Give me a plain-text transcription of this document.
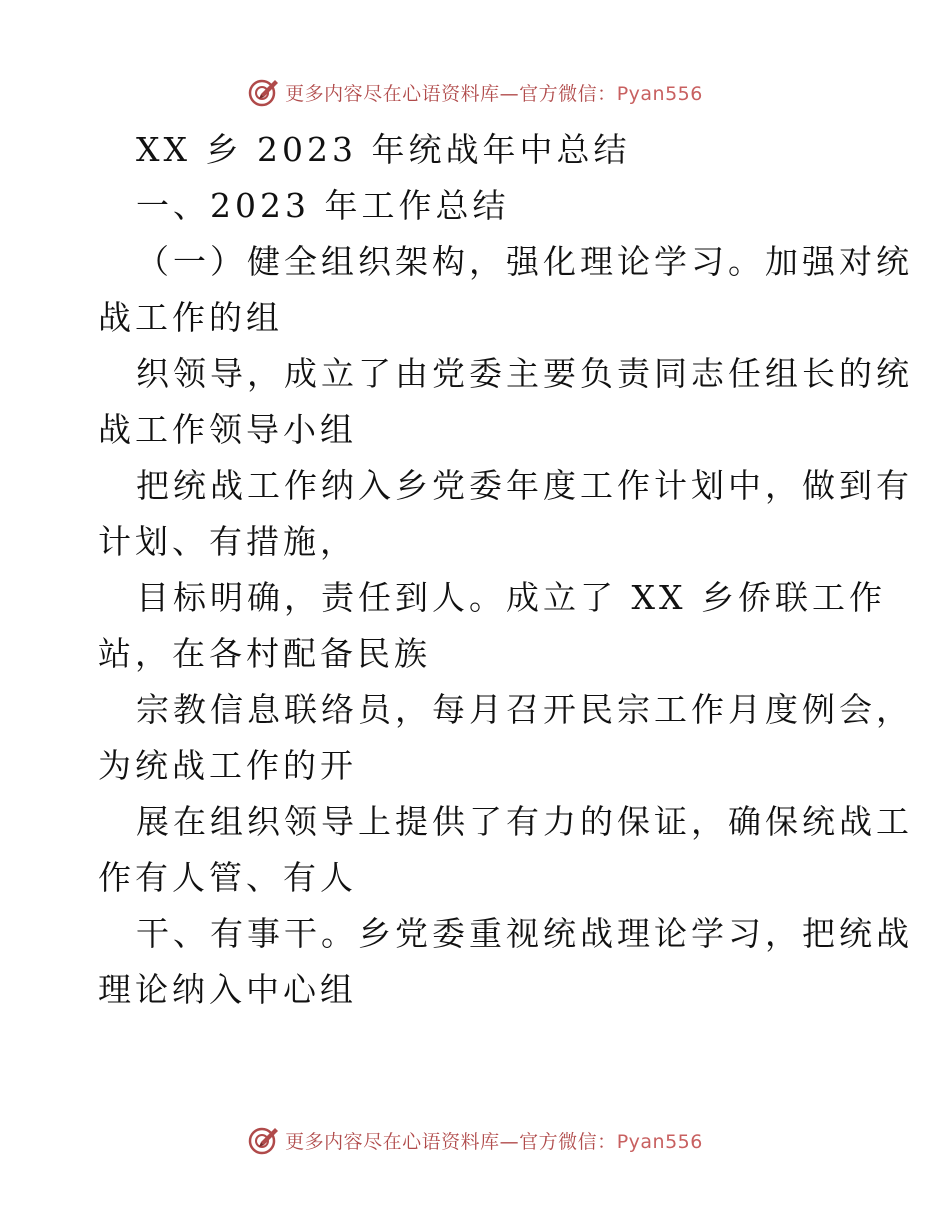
更多内容尽在心语资料库—官方微信：Pyan556
XX 乡 2023 年统战年中总结
一、2023 年工作总结
（一）健全组织架构，强化理论学习。加强对统
战工作的组
织领导，成立了由党委主要负责同志任组长的统
战工作领导小组
把统战工作纳入乡党委年度工作计划中，做到有
计划、有措施，
目标明确，责任到人。成立了 XX 乡侨联工作
站，在各村配备民族
宗教信息联络员，每月召开民宗工作月度例会，
为统战工作的开
展在组织领导上提供了有力的保证，确保统战工
作有人管、有人
干、有事干。乡党委重视统战理论学习，把统战
理论纳入中心组
更多内容尽在心语资料库—官方微信：Pyan556
